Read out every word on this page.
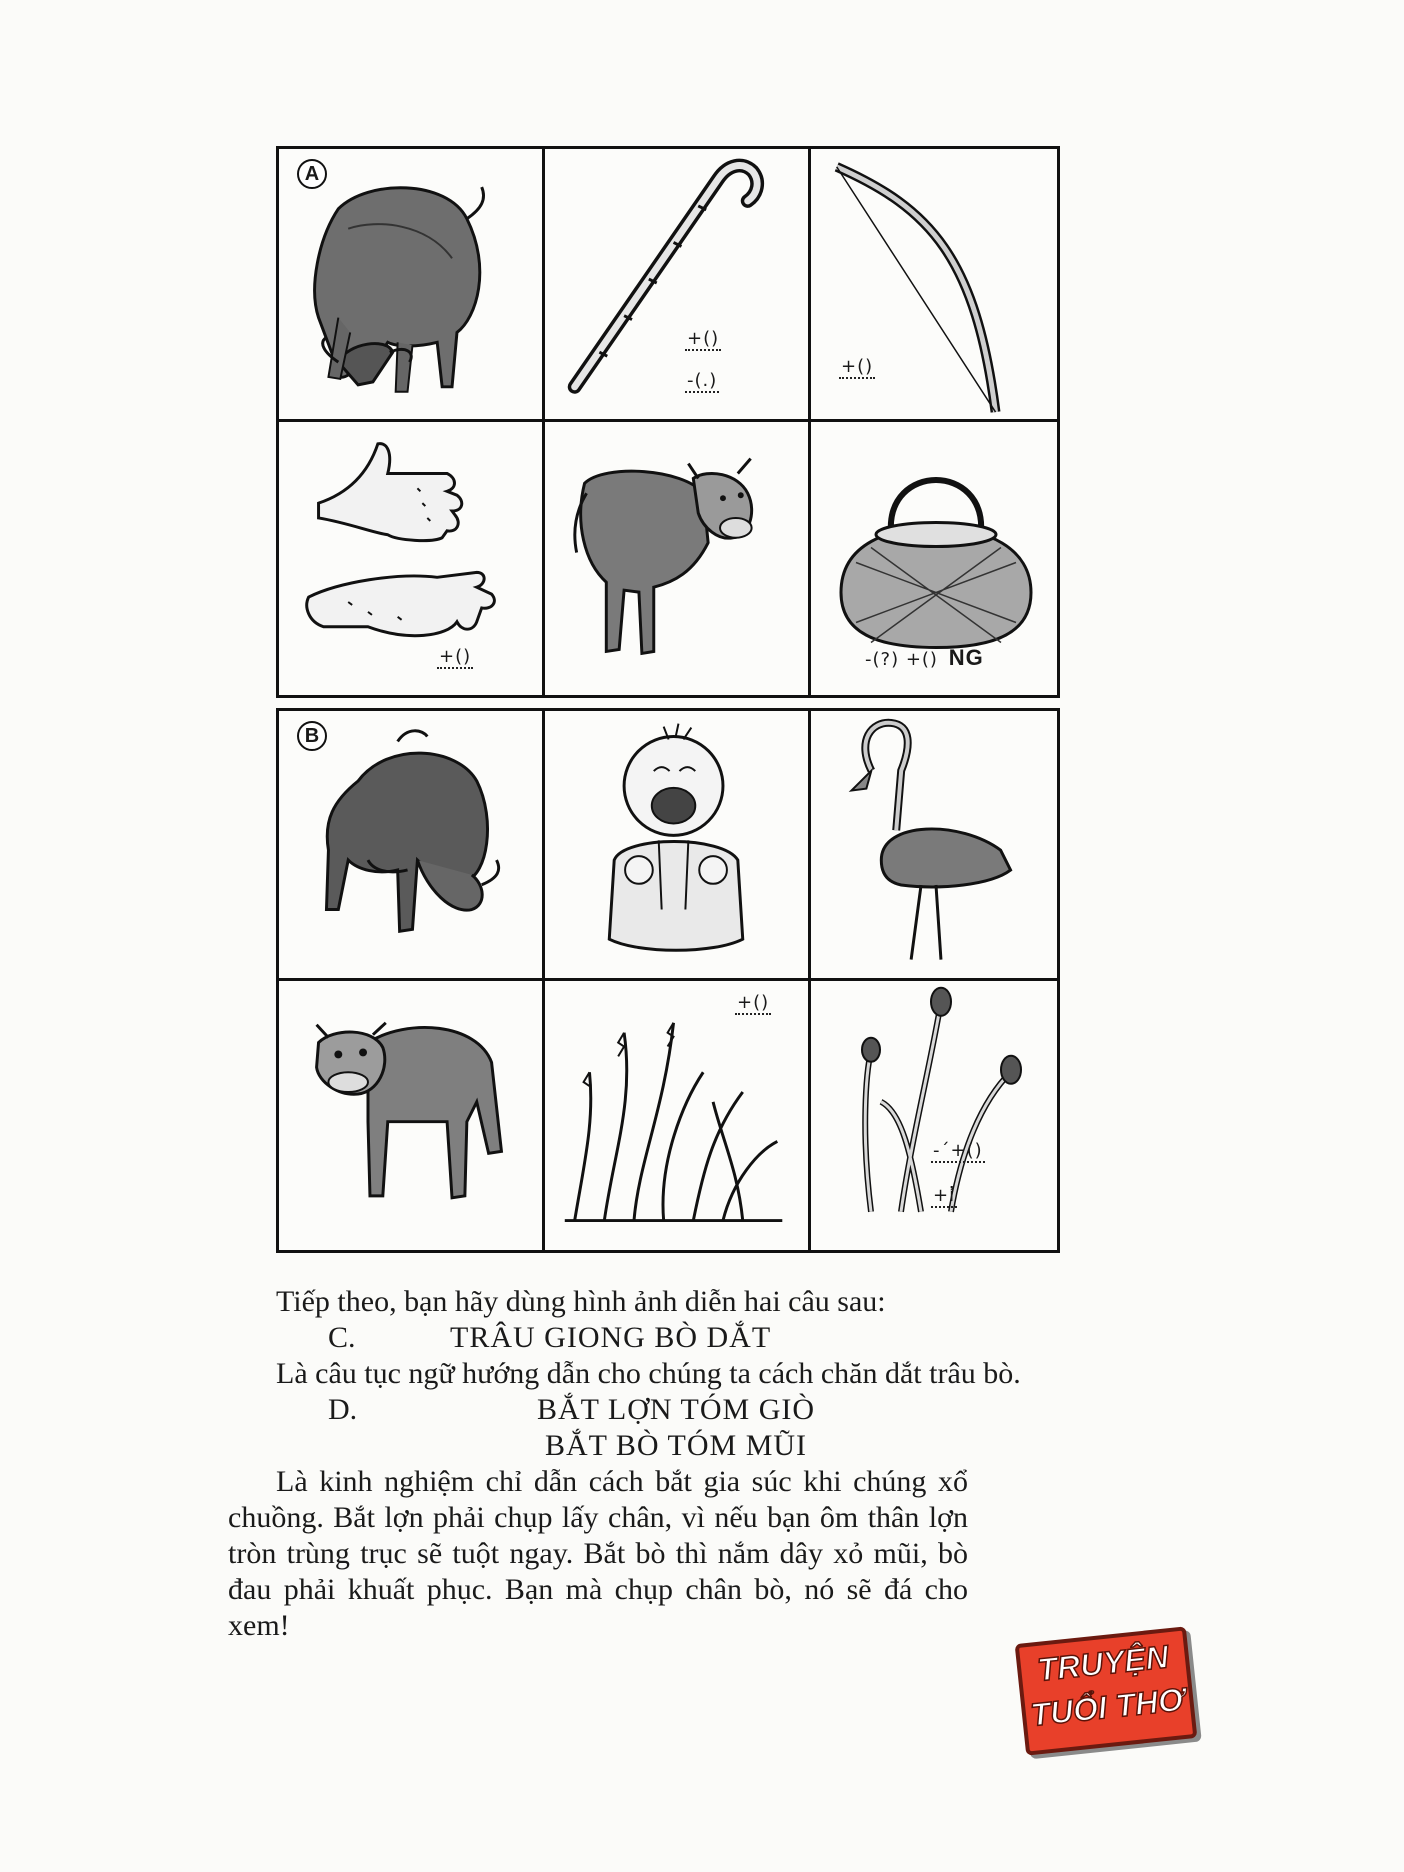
A
+()
-(.)
+()
+()	-(?) +() NG
B
+()
-´+()
+i̓

Tiếp theo, bạn hãy dùng hình ảnh diễn hai câu sau:

C.	TRÂU GIONG BÒ DẮT

Là câu tục ngữ hướng dẫn cho chúng ta cách chăn dắt trâu bò.

D.	BẮT LỢN TÓM GIÒ

BẮT BÒ TÓM MŨI

Là kinh nghiệm chỉ dẫn cách bắt gia súc khi chúng xổ chuồng. Bắt lợn phải chụp lấy chân, vì nếu bạn ôm thân lợn tròn trùng trục sẽ tuột ngay. Bắt bò thì nắm dây xỏ mũi, bò đau phải khuất phục. Bạn mà chụp chân bò, nó sẽ đá cho xem!

TRUYỆN
TUỔI THƠ
